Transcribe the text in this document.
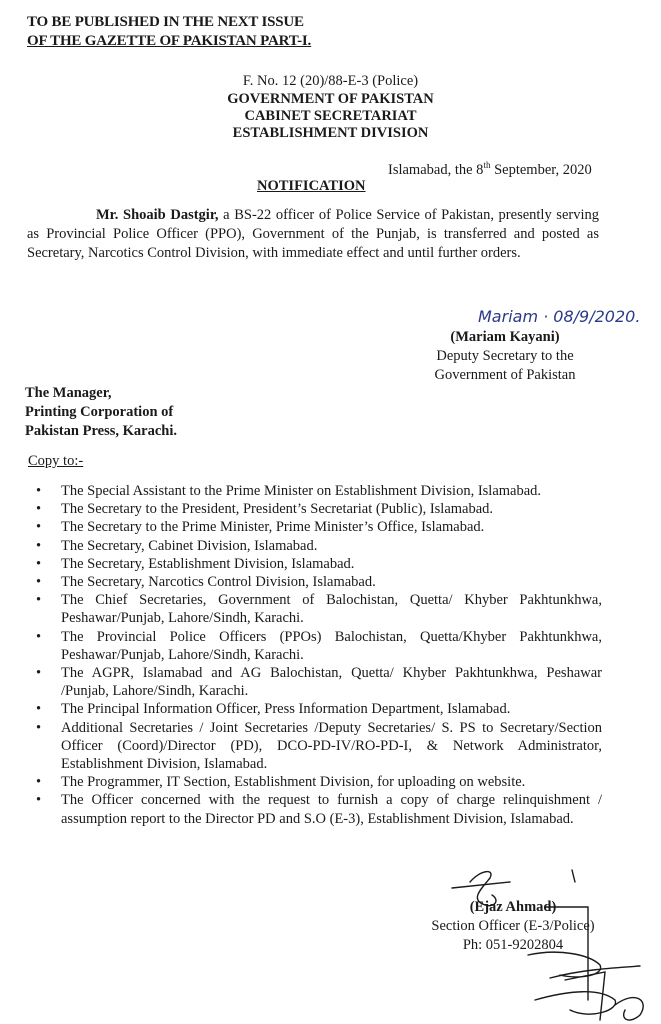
TO BE PUBLISHED IN THE NEXT ISSUE
OF THE GAZETTE OF PAKISTAN PART-I.
F. No. 12 (20)/88-E-3 (Police)
GOVERNMENT OF PAKISTAN
CABINET SECRETARIAT
ESTABLISHMENT DIVISION
Islamabad, the 8th September, 2020
NOTIFICATION
Mr. Shoaib Dastgir, a BS-22 officer of Police Service of Pakistan, presently serving as Provincial Police Officer (PPO), Government of the Punjab, is transferred and posted as Secretary, Narcotics Control Division, with immediate effect and until further orders.
Mariam · 08/9/2020.
(Mariam Kayani)
Deputy Secretary to the
Government of Pakistan
The Manager,
Printing Corporation of
Pakistan Press, Karachi.
Copy to:-
• The Special Assistant to the Prime Minister on Establishment Division, Islamabad.
• The Secretary to the President, President’s Secretariat (Public), Islamabad.
• The Secretary to the Prime Minister, Prime Minister’s Office, Islamabad.
• The Secretary, Cabinet Division, Islamabad.
• The Secretary, Establishment Division, Islamabad.
• The Secretary, Narcotics Control Division, Islamabad.
• The Chief Secretaries, Government of Balochistan, Quetta/ Khyber Pakhtunkhwa, Peshawar/Punjab, Lahore/Sindh, Karachi.
• The Provincial Police Officers (PPOs) Balochistan, Quetta/Khyber Pakhtunkhwa, Peshawar/Punjab, Lahore/Sindh, Karachi.
• The AGPR, Islamabad and AG Balochistan, Quetta/ Khyber Pakhtunkhwa, Peshawar /Punjab, Lahore/Sindh, Karachi.
• The Principal Information Officer, Press Information Department, Islamabad.
• Additional Secretaries / Joint Secretaries /Deputy Secretaries/ S. PS to Secretary/Section Officer (Coord)/Director (PD), DCO-PD-IV/RO-PD-I, & Network Administrator, Establishment Division, Islamabad.
• The Programmer, IT Section, Establishment Division, for uploading on website.
• The Officer concerned with the request to furnish a copy of charge relinquishment / assumption report to the Director PD and S.O (E-3), Establishment Division, Islamabad.
(Ejaz Ahmad)
Section Officer (E-3/Police)
Ph: 051-9202804
